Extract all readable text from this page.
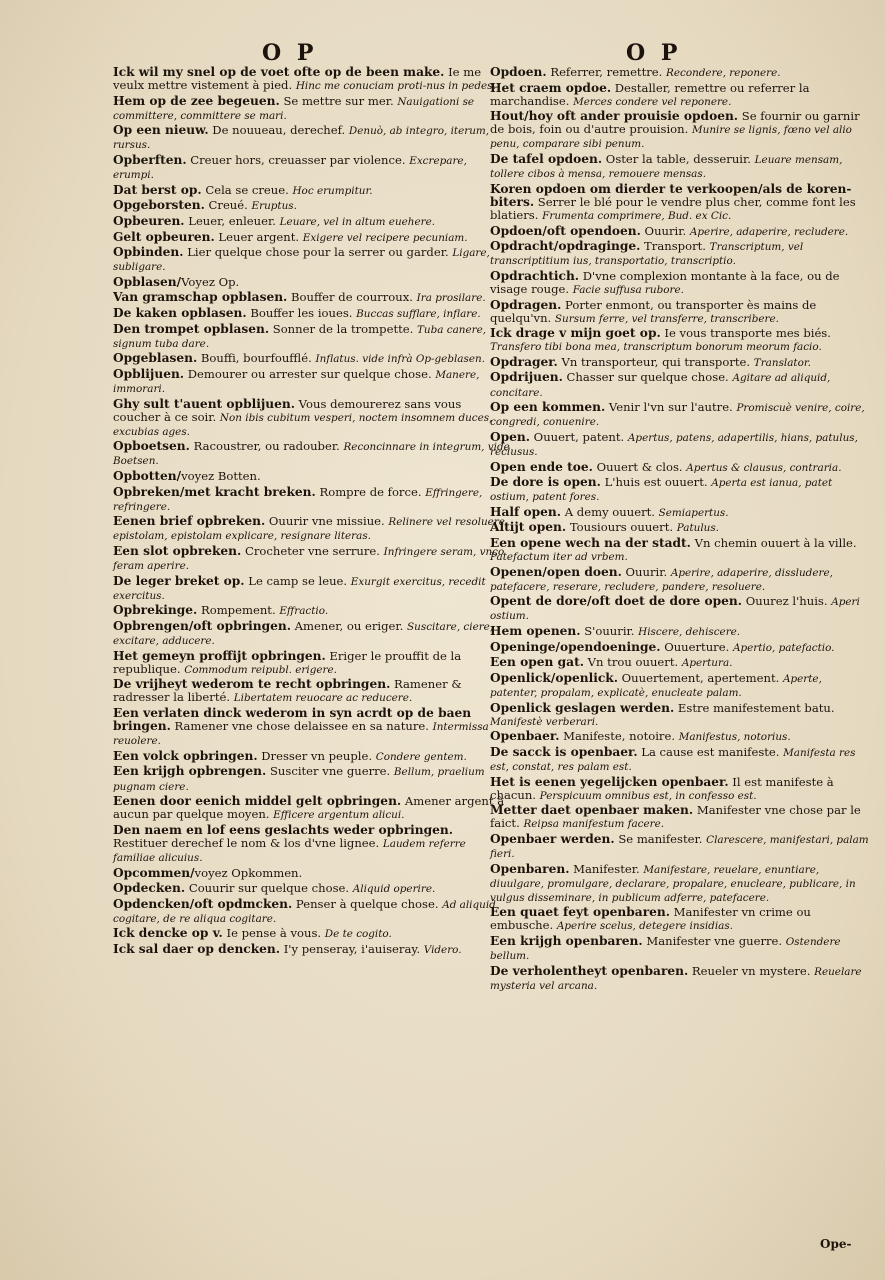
O P	O P
Ick wil my snel op de voet ofte op de been make. Ie me veulx mettre vistement à pied. Hinc me conuciam proti-nus in pedes.
Hem op de zee begeuen. Se mettre sur mer. Nauigationi se committere, committere se mari.
Op een nieuw. De nouueau, derechef. Denuò, ab integro, iterum, rursus.
Opberften. Creuer hors, creuasser par violence. Excrepare, erumpi.
Dat berst op. Cela se creue. Hoc erumpitur.
Opgeborsten. Creué. Eruptus.
Opbeuren. Leuer, enleuer. Leuare, vel in altum euehere.
Gelt opbeuren. Leuer argent. Exigere vel recipere pecuniam.
Opbinden. Lier quelque chose pour la serrer ou garder. Ligare, subligare.
Opblasen/Voyez Op.
Van gramschap opblasen. Bouffer de courroux. Ira prosilare.
De kaken opblasen. Bouffer les ioues. Buccas sufflare, inflare.
Den trompet opblasen. Sonner de la trompette. Tuba canere, signum tuba dare.
Opgeblasen. Bouffi, bourfoufflé. Inflatus. vide infrà Op-geblasen.
Opblijuen. Demourer ou arrester sur quelque chose. Manere, immorari.
Ghy sult t'auent opblijuen. Vous demourerez sans vous coucher à ce soir. Non ibis cubitum vesperi, noctem insomnem duces, excubias ages.
Opboetsen. Racoustrer, ou radouber. Reconcinnare in integrum, vide Boetsen.
Opbotten/voyez Botten.
Opbreken/met kracht breken. Rompre de force. Effringere, refringere.
Eenen brief opbreken. Ouurir vne missiue. Relinere vel resoluere epistolam, epistolam explicare, resignare literas.
Een slot opbreken. Crocheter vne serrure. Infringere seram, vnco feram aperire.
De leger breket op. Le camp se leue. Exurgit exercitus, recedit exercitus.
Opbrekinge. Rompement. Effractio.
Opbrengen/oft opbringen. Amener, ou eriger. Suscitare, ciere, excitare, adducere.
Het gemeyn proffijt opbringen. Eriger le prouffit de la republique. Commodum reipubl. erigere.
De vrijheyt wederom te recht opbringen. Ramener & radresser la liberté. Libertatem reuocare ac reducere.
Een verlaten dinck wederom in syn acrdt op de baen bringen. Ramener vne chose delaissee en sa nature. Intermissa reuolere.
Een volck opbringen. Dresser vn peuple. Condere gentem.
Een krijgh opbrengen. Susciter vne guerre. Bellum, praelium pugnam ciere.
Eenen door eenich middel gelt opbringen. Amener argent à aucun par quelque moyen. Efficere argentum alicui.
Den naem en lof eens geslachts weder opbringen. Restituer derechef le nom & los d'vne lignee. Laudem referre familiae alicuius.
Opcommen/voyez Opkommen.
Opdecken. Couurir sur quelque chose. Aliquid operire.
Opdencken/oft opdmcken. Penser à quelque chose. Ad aliquid cogitare, de re aliqua cogitare.
Ick dencke op v. Ie pense à vous. De te cogito.
Ick sal daer op dencken. I'y penseray, i'auiseray. Videro.
Opdoen. Referrer, remettre. Recondere, reponere.
Het craem opdoe. Destaller, remettre ou referrer la marchandise. Merces condere vel reponere.
Hout/hoy oft ander prouisie opdoen. Se fournir ou garnir de bois, foin ou d'autre prouision. Munire se lignis, fœno vel alio penu, comparare sibi penum.
De tafel opdoen. Oster la table, desseruir. Leuare mensam, tollere cibos à mensa, remouere mensas.
Koren opdoen om dierder te verkoopen/als de koren-biters. Serrer le blé pour le vendre plus cher, comme font les blatiers. Frumenta comprimere, Bud. ex Cic.
Opdoen/oft opendoen. Ouurir. Aperire, adaperire, recludere.
Opdracht/opdraginge. Transport. Transcriptum, vel transcriptitium ius, transportatio, transcriptio.
Opdrachtich. D'vne complexion montante à la face, ou de visage rouge. Facie suffusa rubore.
Opdragen. Porter enmont, ou transporter ès mains de quelqu'vn. Sursum ferre, vel transferre, transcribere.
Ick drage v mijn goet op. Ie vous transporte mes biés. Transfero tibi bona mea, transcriptum bonorum meorum facio.
Opdrager. Vn transporteur, qui transporte. Translator.
Opdrijuen. Chasser sur quelque chose. Agitare ad aliquid, concitare.
Op een kommen. Venir l'vn sur l'autre. Promiscuè venire, coire, congredi, conuenire.
Open. Ouuert, patent. Apertus, patens, adapertilis, hians, patulus, reclusus.
Open ende toe. Ouuert & clos. Apertus & clausus, contraria.
De dore is open. L'huis est ouuert. Aperta est ianua, patet ostium, patent fores.
Half open. A demy ouuert. Semiapertus.
Altijt open. Tousiours ouuert. Patulus.
Een opene wech na der stadt. Vn chemin ouuert à la ville. Patefactum iter ad vrbem.
Openen/open doen. Ouurir. Aperire, adaperire, dissludere, patefacere, reserare, recludere, pandere, resoluere.
Opent de dore/oft doet de dore open. Ouurez l'huis. Aperi ostium.
Hem openen. S'ouurir. Hiscere, dehiscere.
Openinge/opendoeninge. Ouuerture. Apertio, patefactio.
Een open gat. Vn trou ouuert. Apertura.
Openlick/openlick. Ouuertement, apertement. Aperte, patenter, propalam, explicatè, enucleate palam.
Openlick geslagen werden. Estre manifestement batu. Manifestè verberari.
Openbaer. Manifeste, notoire. Manifestus, notorius.
De sacck is openbaer. La cause est manifeste. Manifesta res est, constat, res palam est.
Het is eenen yegelijcken openbaer. Il est manifeste à chacun. Perspicuum omnibus est, in confesso est.
Metter daet openbaer maken. Manifester vne chose par le faict. Reipsa manifestum facere.
Openbaer werden. Se manifester. Clarescere, manifestari, palam fieri.
Openbaren. Manifester. Manifestare, reuelare, enuntiare, diuulgare, promulgare, declarare, propalare, enucleare, publicare, in vulgus disseminare, in publicum adferre, patefacere.
Een quaet feyt openbaren. Manifester vn crime ou embusche. Aperire scelus, detegere insidias.
Een krijgh openbaren. Manifester vne guerre. Ostendere bellum.
De verholentheyt openbaren. Reueler vn mystere. Reuelare mysteria vel arcana.
Ope-
